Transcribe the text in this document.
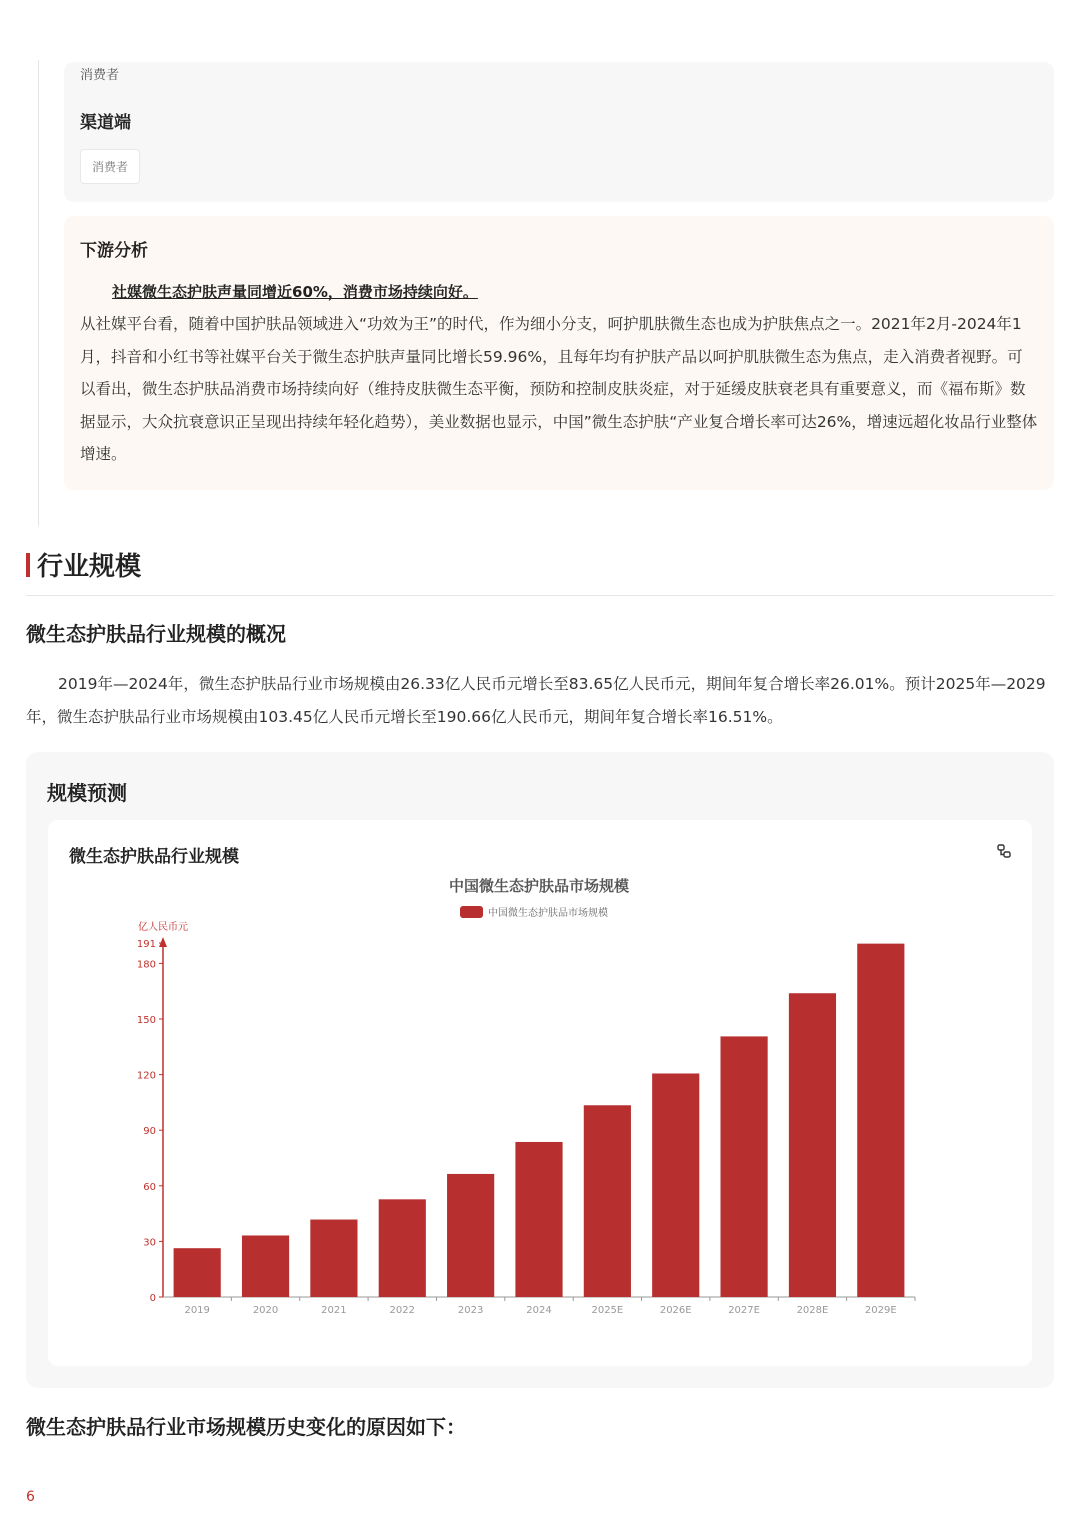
消费者
渠道端
消费者
下游分析
社媒微生态护肤声量同增近60%，消费市场持续向好。
从社媒平台看，随着中国护肤品领域进入“功效为王”的时代，作为细小分支，呵护肌肤微生态也成为护肤焦点之一。2021年2月-2024年1月，抖音和小红书等社媒平台关于微生态护肤声量同比增长59.96%，且每年均有护肤产品以呵护肌肤微生态为焦点，走入消费者视野。可以看出，微生态护肤品消费市场持续向好（维持皮肤微生态平衡，预防和控制皮肤炎症，对于延缓皮肤衰老具有重要意义，而《福布斯》数据显示，大众抗衰意识正呈现出持续年轻化趋势），美业数据也显示，中国”微生态护肤“产业复合增长率可达26%，增速远超化妆品行业整体增速。
行业规模
微生态护肤品行业规模的概况
2019年—2024年，微生态护肤品行业市场规模由26.33亿人民币元增长至83.65亿人民币元，期间年复合增长率26.01%。预计2025年—2029年，微生态护肤品行业市场规模由103.45亿人民币元增长至190.66亿人民币元，期间年复合增长率16.51%。
规模预测
微生态护肤品行业规模
中国微生态护肤品市场规模
中国微生态护肤品市场规模
亿人民币元
0
30
60
90
120
150
180
191
2019	2020	2021	2022	2023	2024	2025E	2026E	2027E	2028E	2029E
微生态护肤品行业市场规模历史变化的原因如下：
6
